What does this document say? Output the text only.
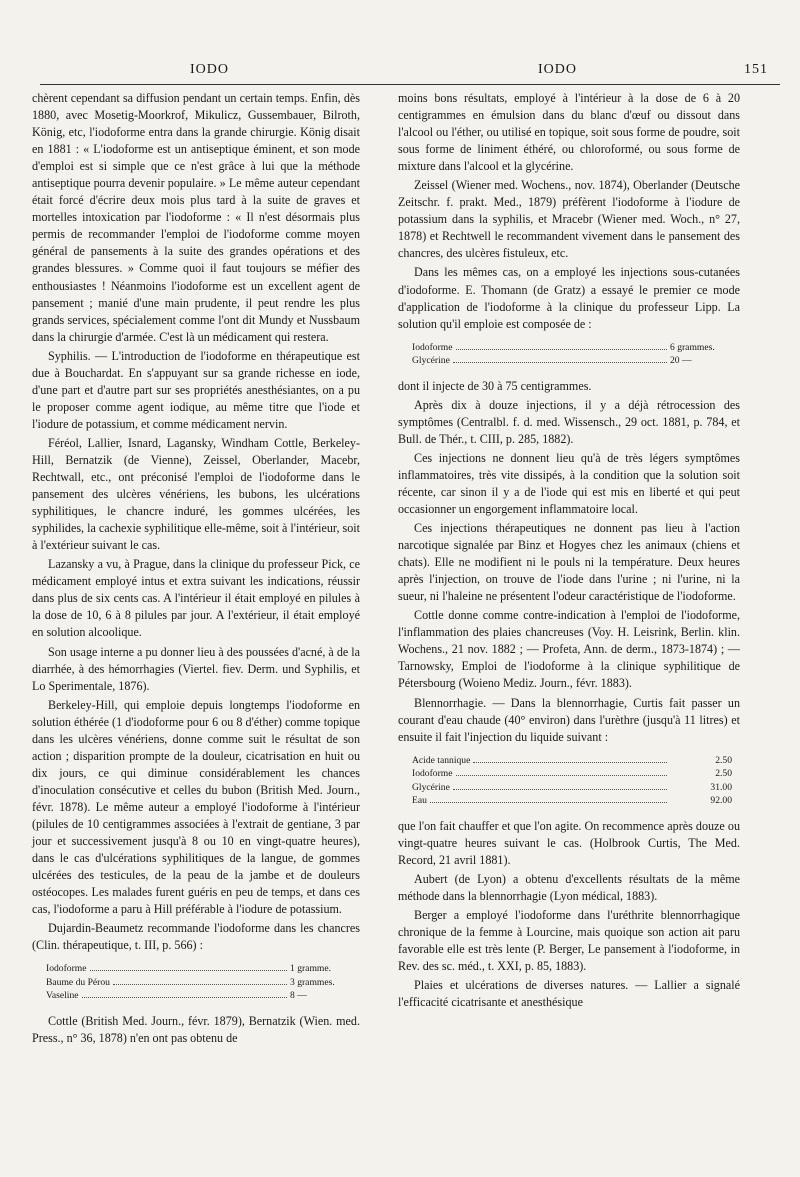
IODO	IODO	151

chèrent cependant sa diffusion pendant un certain temps. Enfin, dès 1880, avec Mosetig-Moorkrof, Mikulicz, Gussembauer, Bilroth, König, etc, l'iodoforme entra dans la grande chirurgie. König disait en 1881 : « L'iodoforme est un antiseptique éminent, et son mode d'emploi est si simple que ce n'est grâce à lui que la méthode antiseptique pourra devenir populaire. » Le même auteur cependant était forcé d'écrire deux mois plus tard à la suite de graves et mortelles intoxication par l'iodoforme : « Il n'est désormais plus permis de recommander l'emploi de l'iodoforme comme moyen général de pansements à la suite des grandes opérations et des grandes blessures. » Comme quoi il faut toujours se méfier des enthousiastes ! Néanmoins l'iodoforme est un excellent agent de pansement ; manié d'une main prudente, il peut rendre les plus grands services, spécialement comme l'ont dit Mundy et Nussbaum dans la chirurgie d'armée. C'est là un médicament qui restera.

Syphilis. — L'introduction de l'iodoforme en thérapeutique est due à Bouchardat. En s'appuyant sur sa grande richesse en iode, d'une part et d'autre part sur ses propriétés anesthésiantes, on a pu le proposer comme agent iodique, au même titre que l'iode et l'iodure de potassium, et comme médicament nervin.

Féréol, Lallier, Isnard, Lagansky, Windham Cottle, Berkeley-Hill, Bernatzik (de Vienne), Zeissel, Oberlander, Macebr, Rechtwall, etc., ont préconisé l'emploi de l'iodoforme dans le pansement des ulcères vénériens, les bubons, les ulcérations syphilitiques, le chancre induré, les gommes ulcérées, les syphilides, la cachexie syphilitique elle-même, soit à l'intérieur, soit à l'extérieur suivant le cas.

Lazansky a vu, à Prague, dans la clinique du professeur Pick, ce médicament employé intus et extra suivant les indications, réussir dans plus de six cents cas. A l'intérieur il était employé en pilules à la dose de 10, 6 à 8 pilules par jour. A l'extérieur, il était employé en solution alcoolique.

Son usage interne a pu donner lieu à des poussées d'acné, à de la diarrhée, à des hémorrhagies (Viertel. fiev. Derm. und Syphilis, et Lo Sperimentale, 1876).

Berkeley-Hill, qui emploie depuis longtemps l'iodoforme en solution éthérée (1 d'iodoforme pour 6 ou 8 d'éther) comme topique dans les ulcères vénériens, donne comme suit le résultat de son action ; disparition prompte de la douleur, cicatrisation en huit ou dix jours, ce qui diminue considérablement les chances d'inoculation consécutive et celles du bubon (British Med. Journ., févr. 1878). Le même auteur a employé l'iodoforme à l'intérieur (pilules de 10 centigrammes associées à l'extrait de gentiane, 3 par jour et successivement jusqu'à 8 ou 10 en vingt-quatre heures), dans le cas d'ulcérations syphilitiques de la langue, de gommes ulcérées des testicules, de la peau de la jambe et de douleurs ostéocopes. Les malades furent guéris en peu de temps, et dans ces cas, l'iodoforme a paru à Hill préférable à l'iodure de potassium.

Dujardin-Beaumetz recommande l'iodoforme dans les chancres (Clin. thérapeutique, t. III, p. 566) :

Iodoforme	1 gramme.
Baume du Pérou	3 grammes.
Vaseline	8 —

Cottle (British Med. Journ., févr. 1879), Bernatzik (Wien. med. Press., n° 36, 1878) n'en ont pas obtenu de

moins bons résultats, employé à l'intérieur à la dose de 6 à 20 centigrammes en émulsion dans du blanc d'œuf ou dissout dans l'alcool ou l'éther, ou utilisé en topique, soit sous forme de poudre, soit sous forme de liniment éthéré, ou chloroformé, ou sous forme de mixture dans l'alcool et la glycérine.

Zeissel (Wiener med. Wochens., nov. 1874), Oberlander (Deutsche Zeitschr. f. prakt. Med., 1879) préfèrent l'iodoforme à l'iodure de potassium dans la syphilis, et Mracebr (Wiener med. Woch., n° 27, 1878) et Rechtwell le recommandent vivement dans le pansement des chancres, des ulcères fistuleux, etc.

Dans les mêmes cas, on a employé les injections sous-cutanées d'iodoforme. E. Thomann (de Gratz) a essayé le premier ce mode d'application de l'iodoforme à la clinique du professeur Lipp. La solution qu'il emploie est composée de :

Iodoforme	6 grammes.
Glycérine	20 —

dont il injecte de 30 à 75 centigrammes.

Après dix à douze injections, il y a déjà rétrocession des symptômes (Centralbl. f. d. med. Wissensch., 29 oct. 1881, p. 784, et Bull. de Thér., t. CIII, p. 285, 1882).

Ces injections ne donnent lieu qu'à de très légers symptômes inflammatoires, très vite dissipés, à la condition que la solution soit récente, car sinon il y a de l'iode qui est mis en liberté et qui peut occasionner un engorgement inflammatoire local.

Ces injections thérapeutiques ne donnent pas lieu à l'action narcotique signalée par Binz et Hogyes chez les animaux (chiens et chats). Elle ne modifient ni le pouls ni la température. Deux heures après l'injection, on trouve de l'iode dans l'urine ; ni l'urine, ni la sueur, ni l'haleine ne présentent l'odeur caractéristique de l'iodoforme.

Cottle donne comme contre-indication à l'emploi de l'iodoforme, l'inflammation des plaies chancreuses (Voy. H. Leisrink, Berlin. klin. Wochens., 21 nov. 1882 ; — Profeta, Ann. de derm., 1873-1874) ; — Tarnowsky, Emploi de l'iodoforme à la clinique syphilitique de Pétersbourg (Woieno Mediz. Journ., févr. 1883).

Blennorrhagie. — Dans la blennorrhagie, Curtis fait passer un courant d'eau chaude (40° environ) dans l'urèthre (jusqu'à 11 litres) et ensuite il fait l'injection du liquide suivant :

Acide tannique	2.50
Iodoforme	2.50
Glycérine	31.00
Eau	92.00

que l'on fait chauffer et que l'on agite. On recommence après douze ou vingt-quatre heures suivant le cas. (Holbrook Curtis, The Med. Record, 21 avril 1881).

Aubert (de Lyon) a obtenu d'excellents résultats de la même méthode dans la blennorrhagie (Lyon médical, 1883).

Berger a employé l'iodoforme dans l'uréthrite blennorrhagique chronique de la femme à Lourcine, mais quoique son action ait paru favorable elle est très lente (P. Berger, Le pansement à l'iodoforme, in Rev. des sc. méd., t. XXI, p. 85, 1883).

Plaies et ulcérations de diverses natures. — Lallier a signalé l'efficacité cicatrisante et anesthésique
